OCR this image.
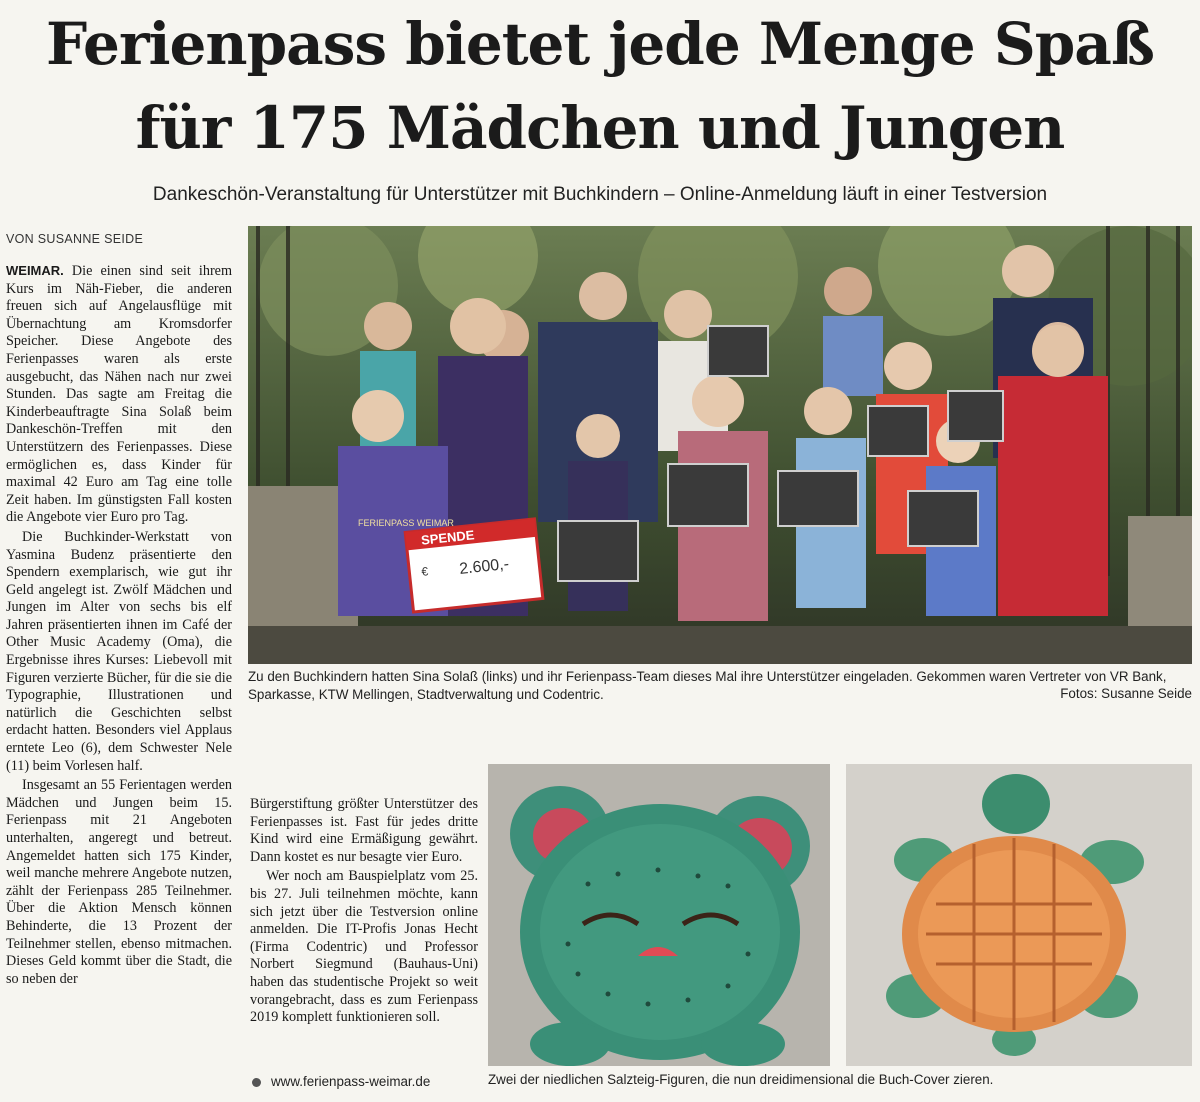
Ferienpass bietet jede Menge Spaß
für 175 Mädchen und Jungen
Dankeschön-Veranstaltung für Unterstützer mit Buchkindern – Online-Anmeldung läuft in einer Testversion
VON SUSANNE SEIDE

WEIMAR. Die einen sind seit ihrem Kurs im Näh-Fieber, die anderen freuen sich auf Angelausflüge mit Übernachtung am Kromsdorfer Speicher. Diese Angebote des Ferienpasses waren als erste ausgebucht, das Nähen nach nur zwei Stunden. Das sagte am Freitag die Kinderbeauftragte Sina Solaß beim Dankeschön-Treffen mit den Unterstützern des Ferienpasses. Diese ermöglichen es, dass Kinder für maximal 42 Euro am Tag eine tolle Zeit haben. Im günstigsten Fall kosten die Angebote vier Euro pro Tag.

Die Buchkinder-Werkstatt von Yasmina Budenz präsentierte den Spendern exemplarisch, wie gut ihr Geld angelegt ist. Zwölf Mädchen und Jungen im Alter von sechs bis elf Jahren präsentierten ihnen im Café der Other Music Academy (Oma), die Ergebnisse ihres Kurses: Liebevoll mit Figuren verzierte Bücher, für die sie die Typographie, Illustrationen und natürlich die Geschichten selbst erdacht hatten. Besonders viel Applaus erntete Leo (6), dem Schwester Nele (11) beim Vorlesen half.

Insgesamt an 55 Ferientagen werden Mädchen und Jungen beim 15. Ferienpass mit 21 Angeboten unterhalten, angeregt und betreut. Angemeldet hatten sich 175 Kinder, weil manche mehrere Angebote nutzen, zählt der Ferienpass 285 Teilnehmer. Über die Aktion Mensch können Behinderte, die 13 Prozent der Teilnehmer stellen, ebenso mitmachen. Dieses Geld kommt über die Stadt, die so neben der

SPENDE
€ 2.600,-
FERIENPASS WEIMAR
Zu den Buchkindern hatten Sina Solaß (links) und ihr Ferienpass-Team dieses Mal ihre Unterstützer eingeladen. Gekommen waren Vertreter von VR Bank, Sparkasse, KTW Mellingen, Stadtverwaltung und Codentric.	Fotos: Susanne Seide

Bürgerstiftung größter Unterstützer des Ferienpasses ist. Fast für jedes dritte Kind wird eine Ermäßigung gewährt. Dann kostet es nur besagte vier Euro.

Wer noch am Bauspielplatz vom 25. bis 27. Juli teilnehmen möchte, kann sich jetzt über die Testversion online anmelden. Die IT-Profis Jonas Hecht (Firma Codentric) und Professor Norbert Siegmund (Bauhaus-Uni) haben das studentische Projekt so weit vorangebracht, dass es zum Ferienpass 2019 komplett funktionieren soll.

www.ferienpass-weimar.de	Zwei der niedlichen Salzteig-Figuren, die nun dreidimensional die Buch-Cover zieren.
